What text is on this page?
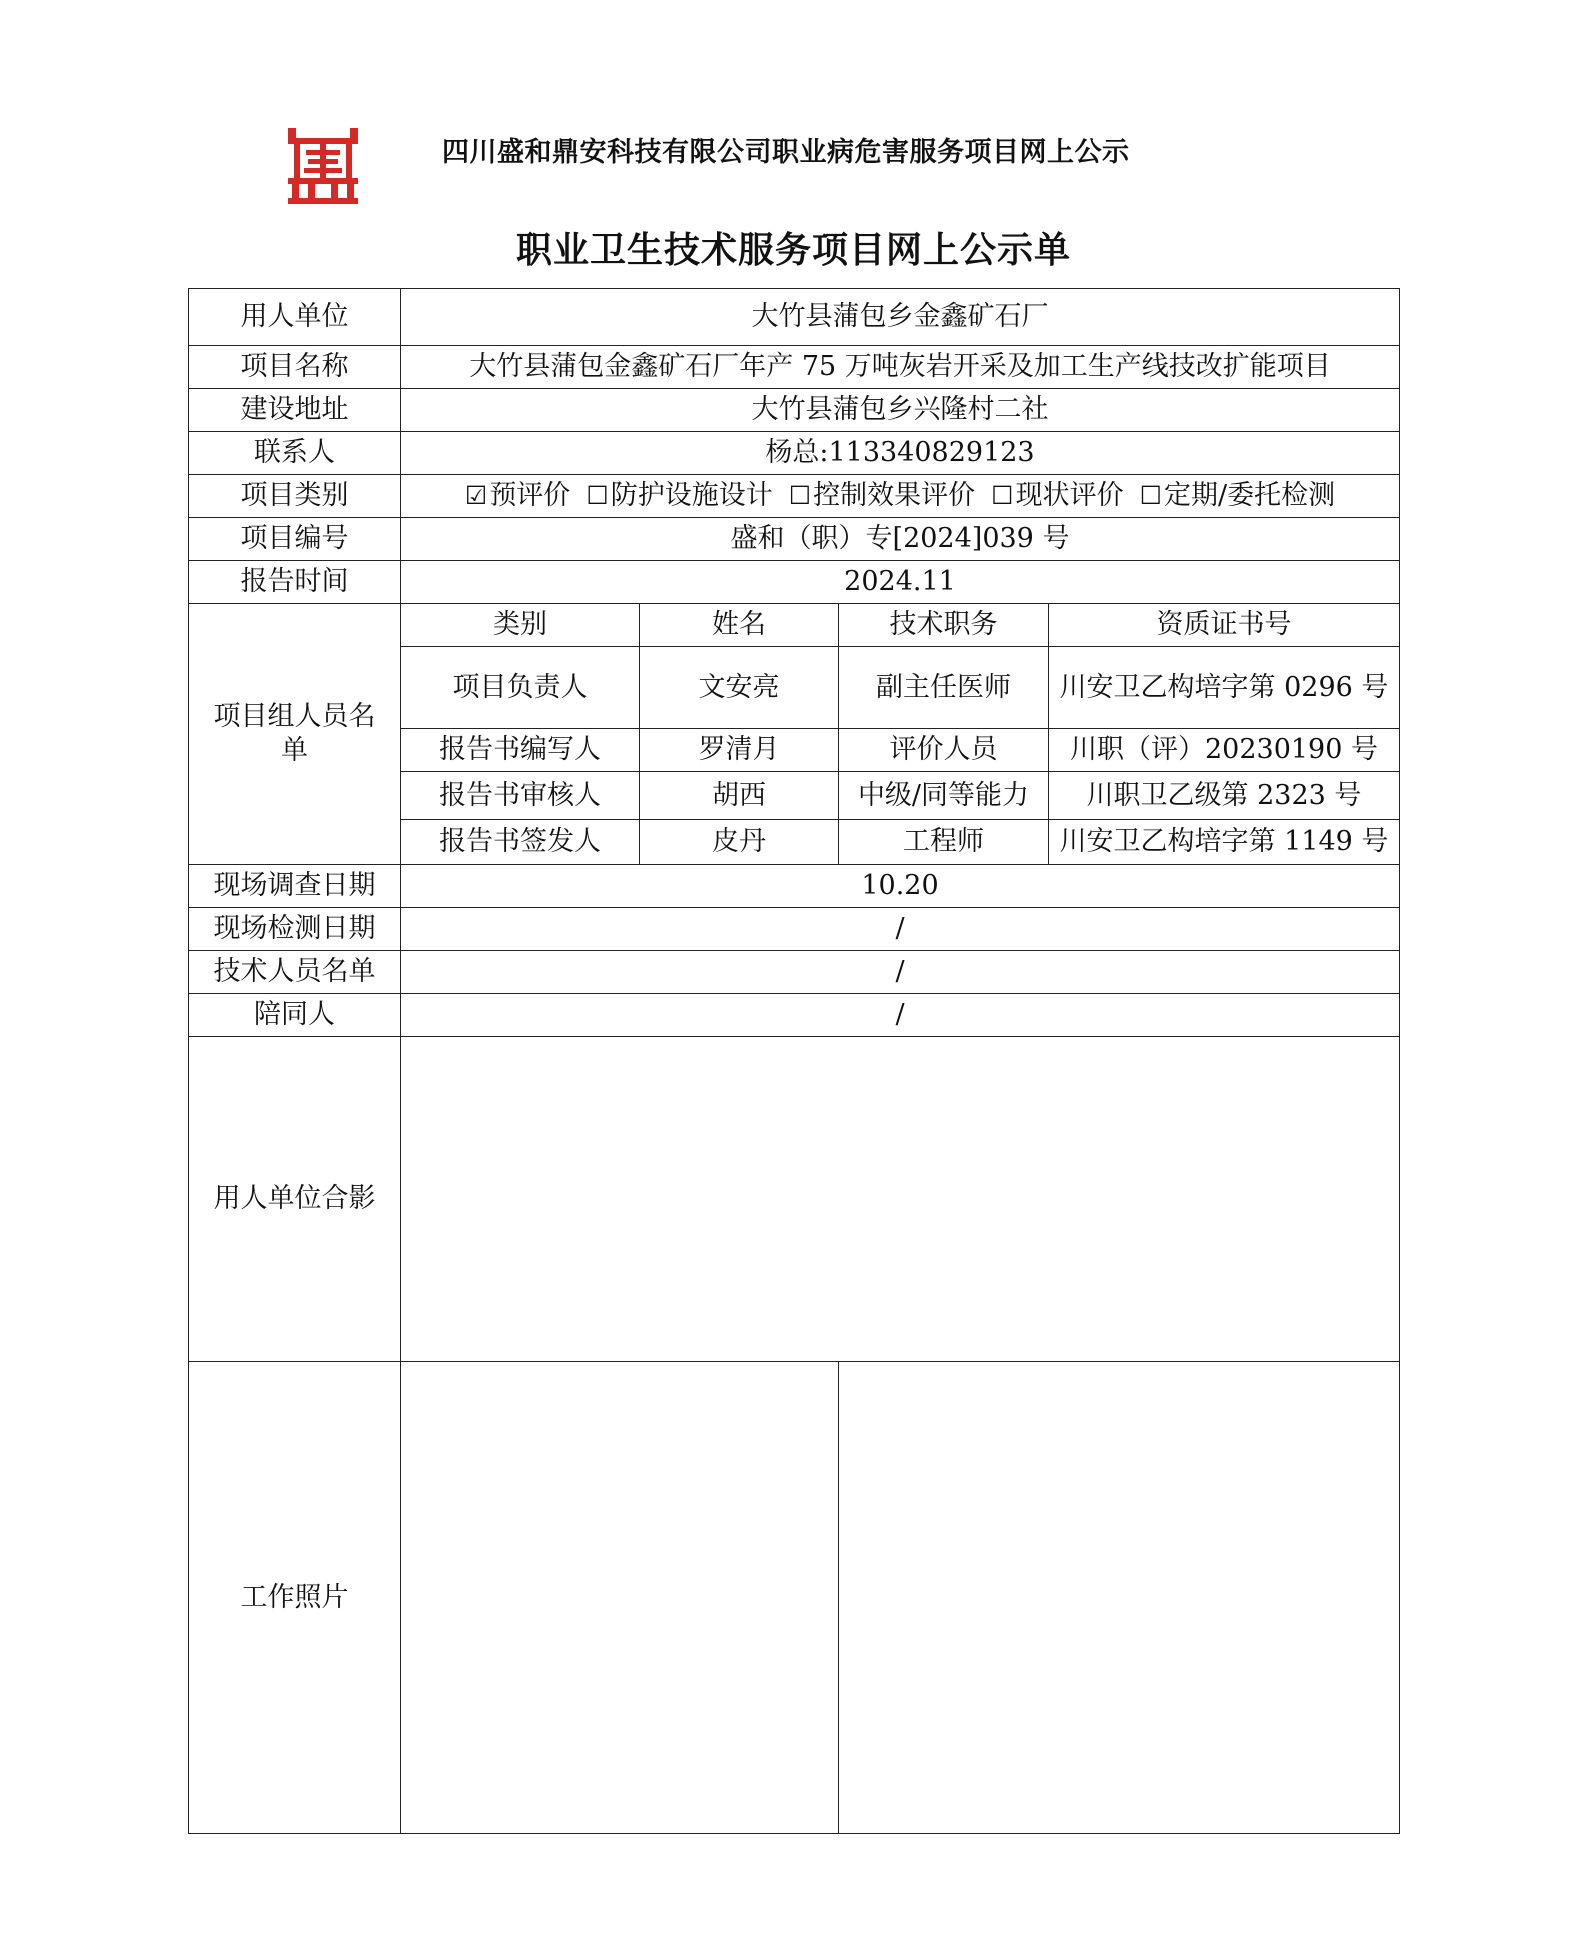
四川盛和鼎安科技有限公司职业病危害服务项目网上公示
职业卫生技术服务项目网上公示单
用人单位	大竹县蒲包乡金鑫矿石厂			
项目名称	大竹县蒲包金鑫矿石厂年产 75 万吨灰岩开采及加工生产线技改扩能项目			
建设地址	大竹县蒲包乡兴隆村二社			
联系人	杨总:113340829123			
项目类别	☑预评价 ☐防护设施设计 ☐控制效果评价 ☐现状评价 ☐定期/委托检测			
项目编号	盛和（职）专[2024]039 号			
报告时间	2024.11			
项目组人员名单	类别	姓名	技术职务	资质证书号
	项目负责人	文安亮	副主任医师	川安卫乙构培字第 0296 号
	报告书编写人	罗清月	评价人员	川职（评）20230190 号
	报告书审核人	胡西	中级/同等能力	川职卫乙级第 2323 号
	报告书签发人	皮丹	工程师	川安卫乙构培字第 1149 号
现场调查日期	10.20			
现场检测日期	/			
技术人员名单	/			
陪同人	/			
用人单位合影				
工作照片				
